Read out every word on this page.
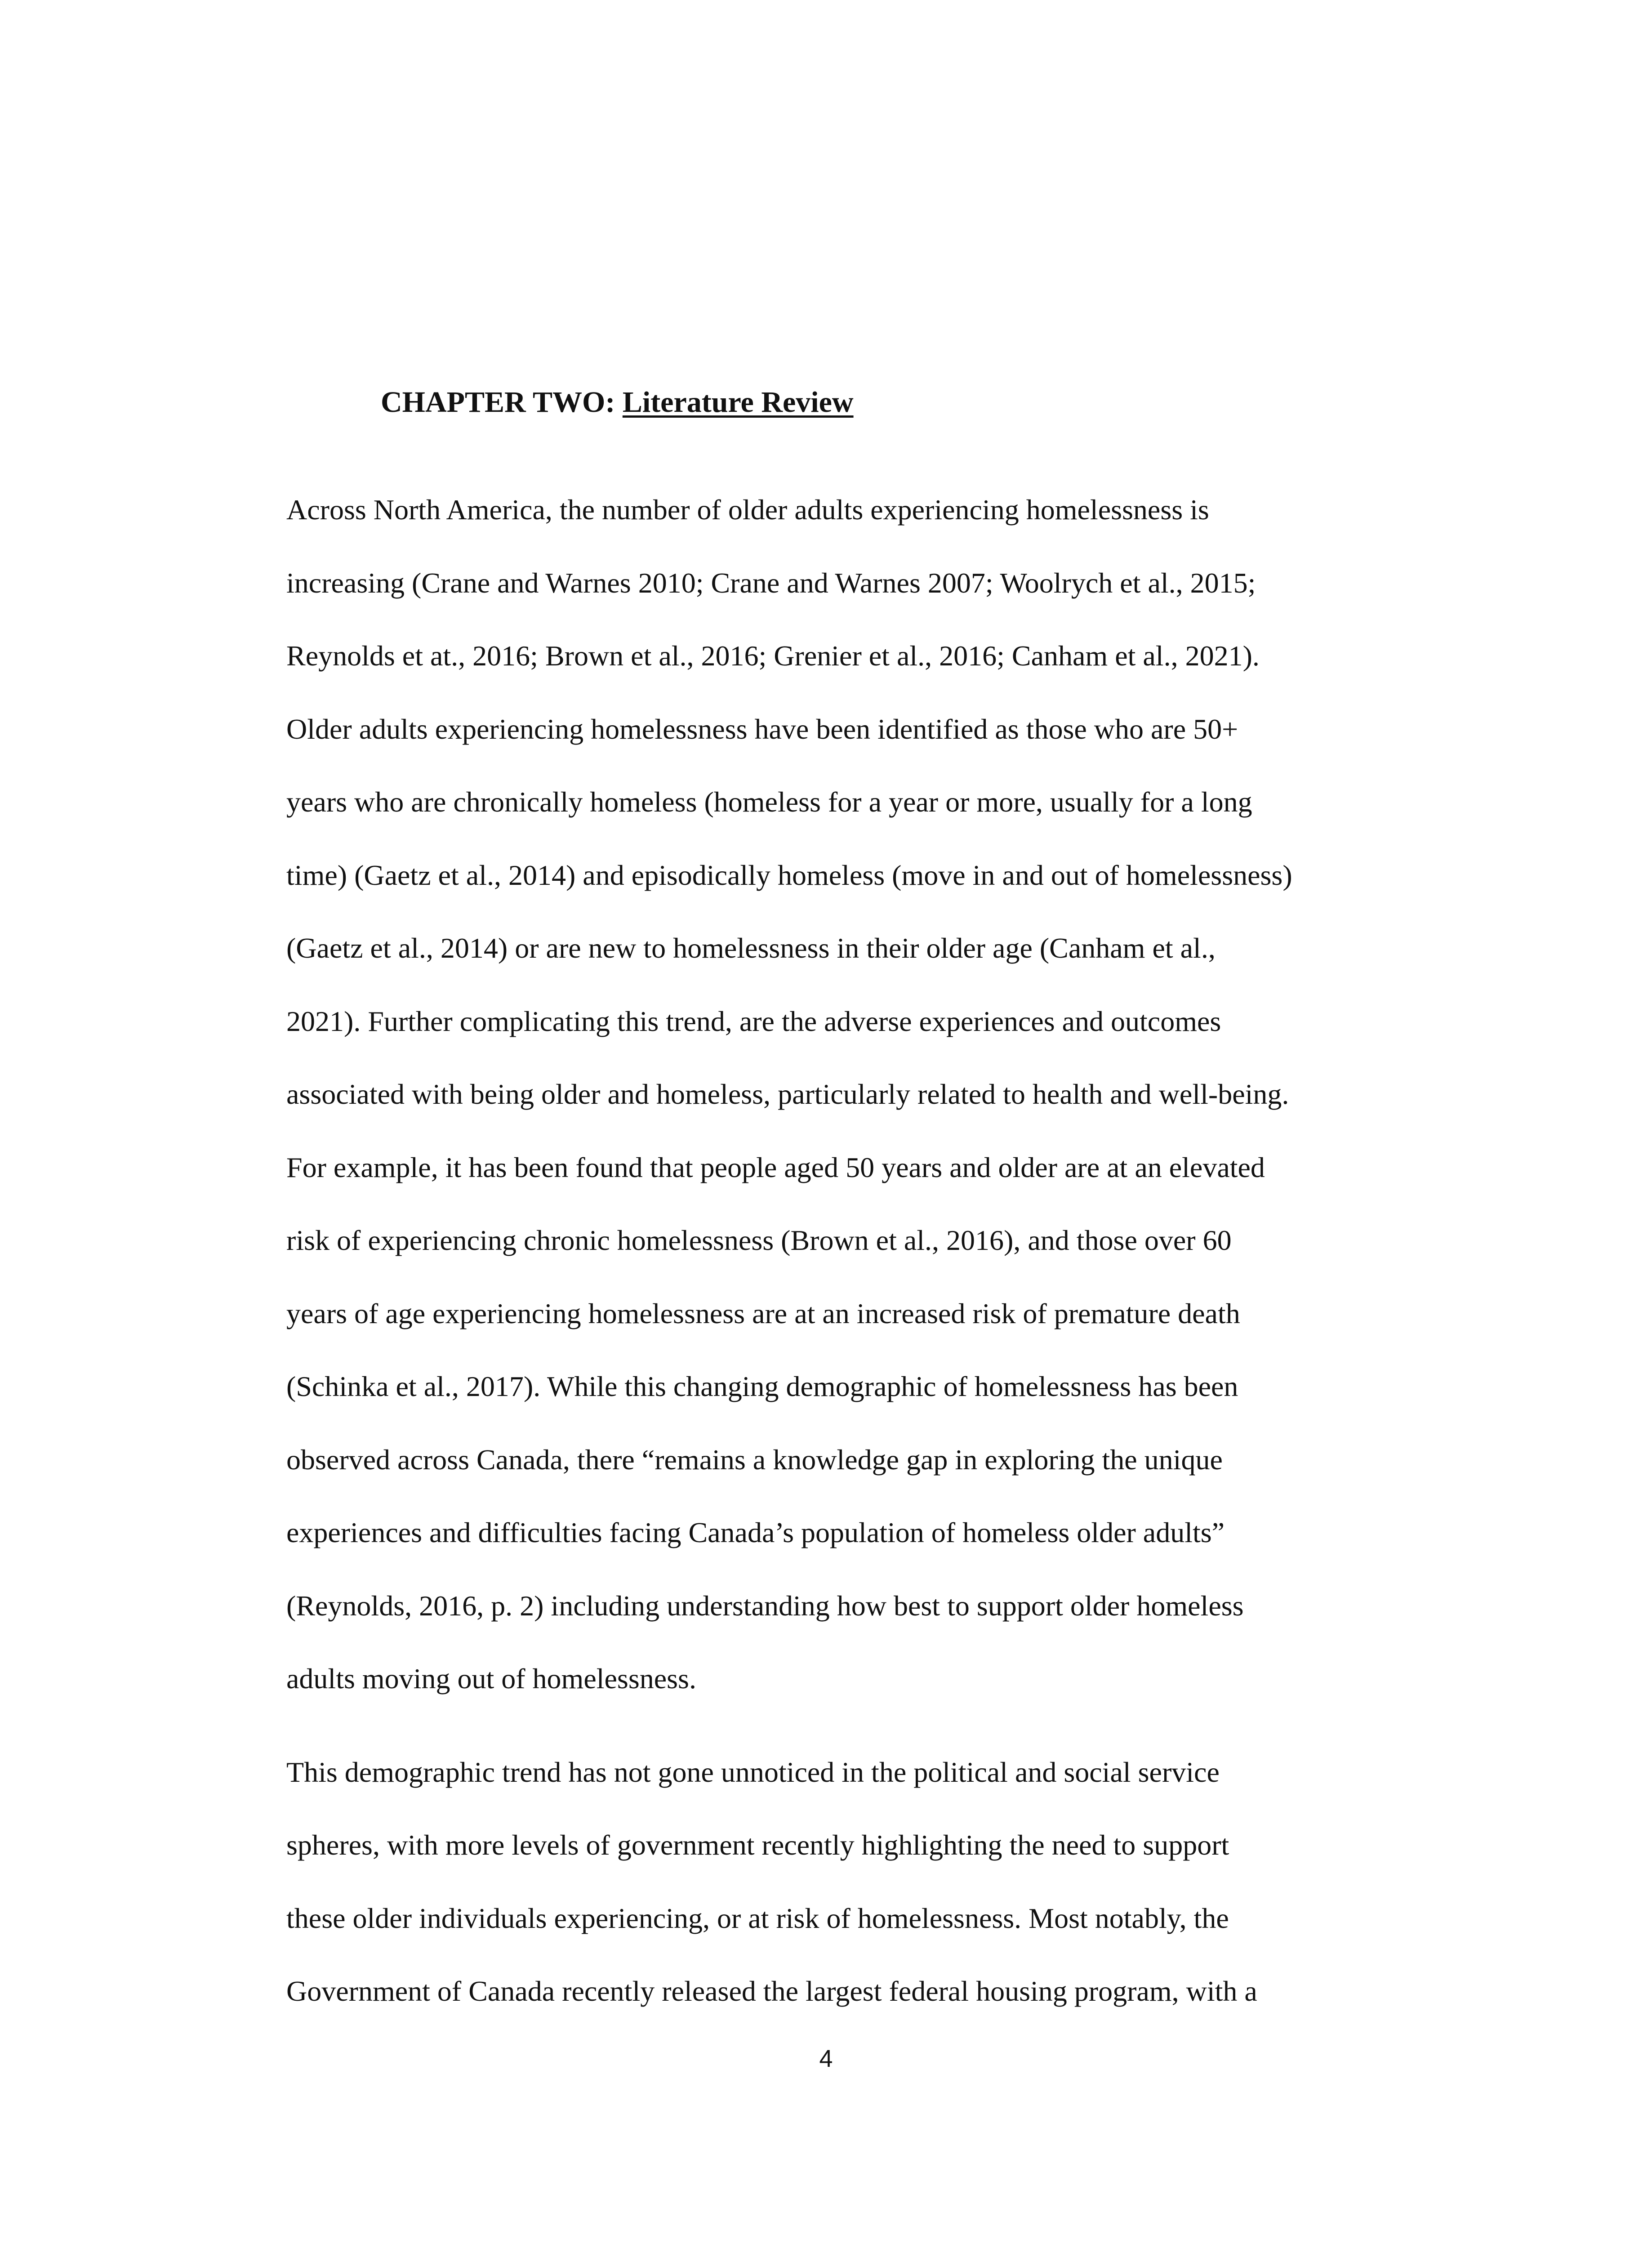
CHAPTER TWO: Literature Review
Across North America, the number of older adults experiencing homelessness is
increasing (Crane and Warnes 2010; Crane and Warnes 2007; Woolrych et al., 2015;
Reynolds et at., 2016; Brown et al., 2016; Grenier et al., 2016; Canham et al., 2021).
Older adults experiencing homelessness have been identified as those who are 50+
years who are chronically homeless (homeless for a year or more, usually for a long
time) (Gaetz et al., 2014) and episodically homeless (move in and out of homelessness)
(Gaetz et al., 2014) or are new to homelessness in their older age (Canham et al.,
2021). Further complicating this trend, are the adverse experiences and outcomes
associated with being older and homeless, particularly related to health and well-being.
For example, it has been found that people aged 50 years and older are at an elevated
risk of experiencing chronic homelessness (Brown et al., 2016), and those over 60
years of age experiencing homelessness are at an increased risk of premature death
(Schinka et al., 2017). While this changing demographic of homelessness has been
observed across Canada, there “remains a knowledge gap in exploring the unique
experiences and difficulties facing Canada’s population of homeless older adults”
(Reynolds, 2016, p. 2) including understanding how best to support older homeless
adults moving out of homelessness.
This demographic trend has not gone unnoticed in the political and social service
spheres, with more levels of government recently highlighting the need to support
these older individuals experiencing, or at risk of homelessness. Most notably, the
Government of Canada recently released the largest federal housing program, with a
4
